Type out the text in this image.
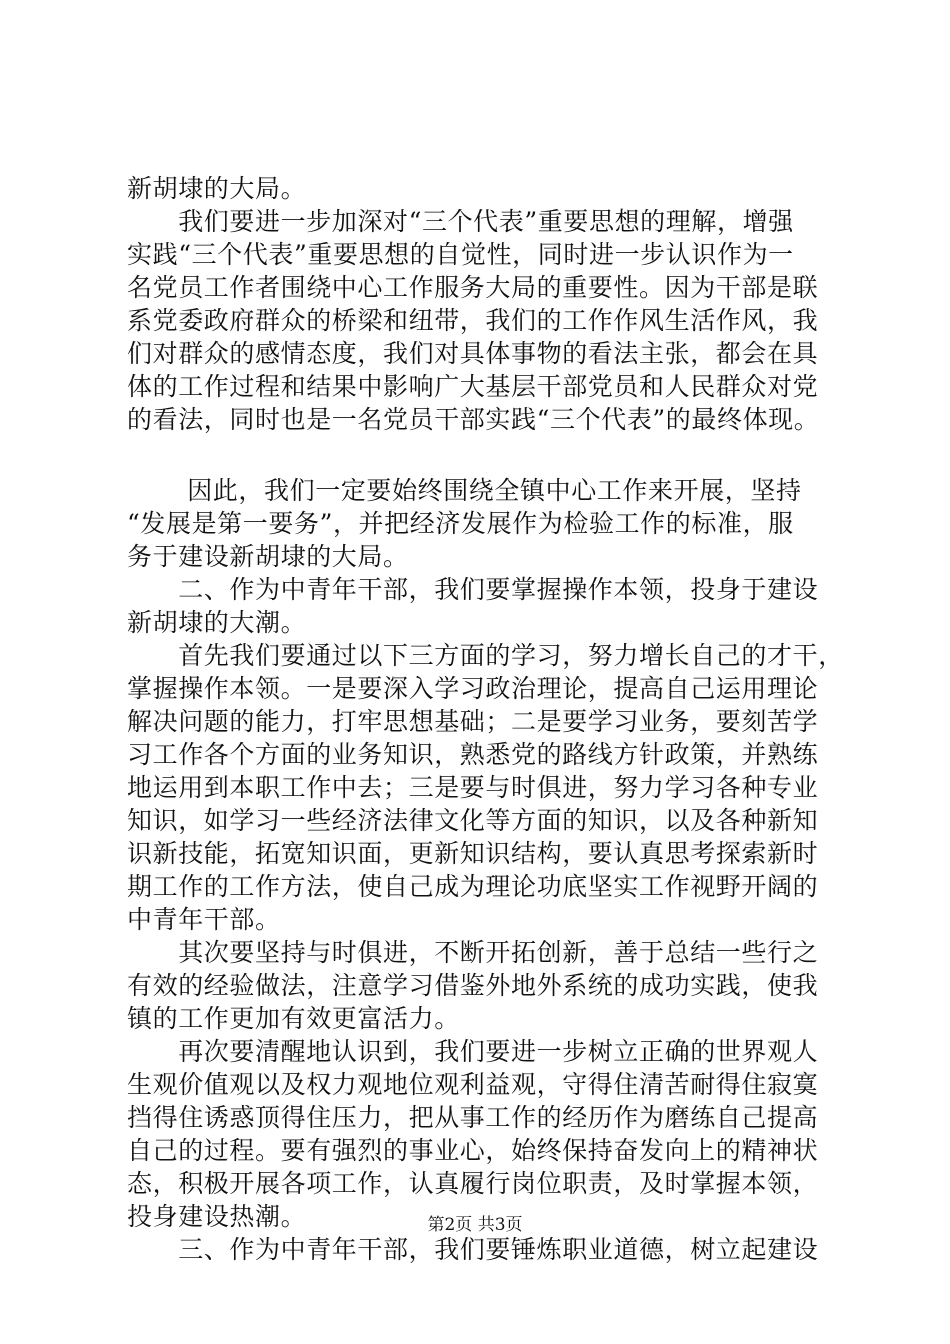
新胡埭的大局。
　　我们要进一步加深对“三个代表”重要思想的理解，增强
实践“三个代表”重要思想的自觉性，同时进一步认识作为一
名党员工作者围绕中心工作服务大局的重要性。因为干部是联
系党委政府群众的桥梁和纽带，我们的工作作风生活作风，我
们对群众的感情态度，我们对具体事物的看法主张，都会在具
体的工作过程和结果中影响广大基层干部党员和人民群众对党
的看法，同时也是一名党员干部实践“三个代表”的最终体现。
　　因此，我们一定要始终围绕全镇中心工作来开展，坚持
“发展是第一要务”，并把经济发展作为检验工作的标准，服
务于建设新胡埭的大局。
　　二、作为中青年干部，我们要掌握操作本领，投身于建设
新胡埭的大潮。
　　首先我们要通过以下三方面的学习，努力增长自己的才干，
掌握操作本领。一是要深入学习政治理论，提高自己运用理论
解决问题的能力，打牢思想基础；二是要学习业务，要刻苦学
习工作各个方面的业务知识，熟悉党的路线方针政策，并熟练
地运用到本职工作中去；三是要与时俱进，努力学习各种专业
知识，如学习一些经济法律文化等方面的知识，以及各种新知
识新技能，拓宽知识面，更新知识结构，要认真思考探索新时
期工作的工作方法，使自己成为理论功底坚实工作视野开阔的
中青年干部。
　　其次要坚持与时俱进，不断开拓创新，善于总结一些行之
有效的经验做法，注意学习借鉴外地外系统的成功实践，使我
镇的工作更加有效更富活力。
　　再次要清醒地认识到，我们要进一步树立正确的世界观人
生观价值观以及权力观地位观利益观，守得住清苦耐得住寂寞
挡得住诱惑顶得住压力，把从事工作的经历作为磨练自己提高
自己的过程。要有强烈的事业心，始终保持奋发向上的精神状
态，积极开展各项工作，认真履行岗位职责，及时掌握本领，
投身建设热潮。
　　三、作为中青年干部，我们要锤炼职业道德，树立起建设
第2页 共3页
